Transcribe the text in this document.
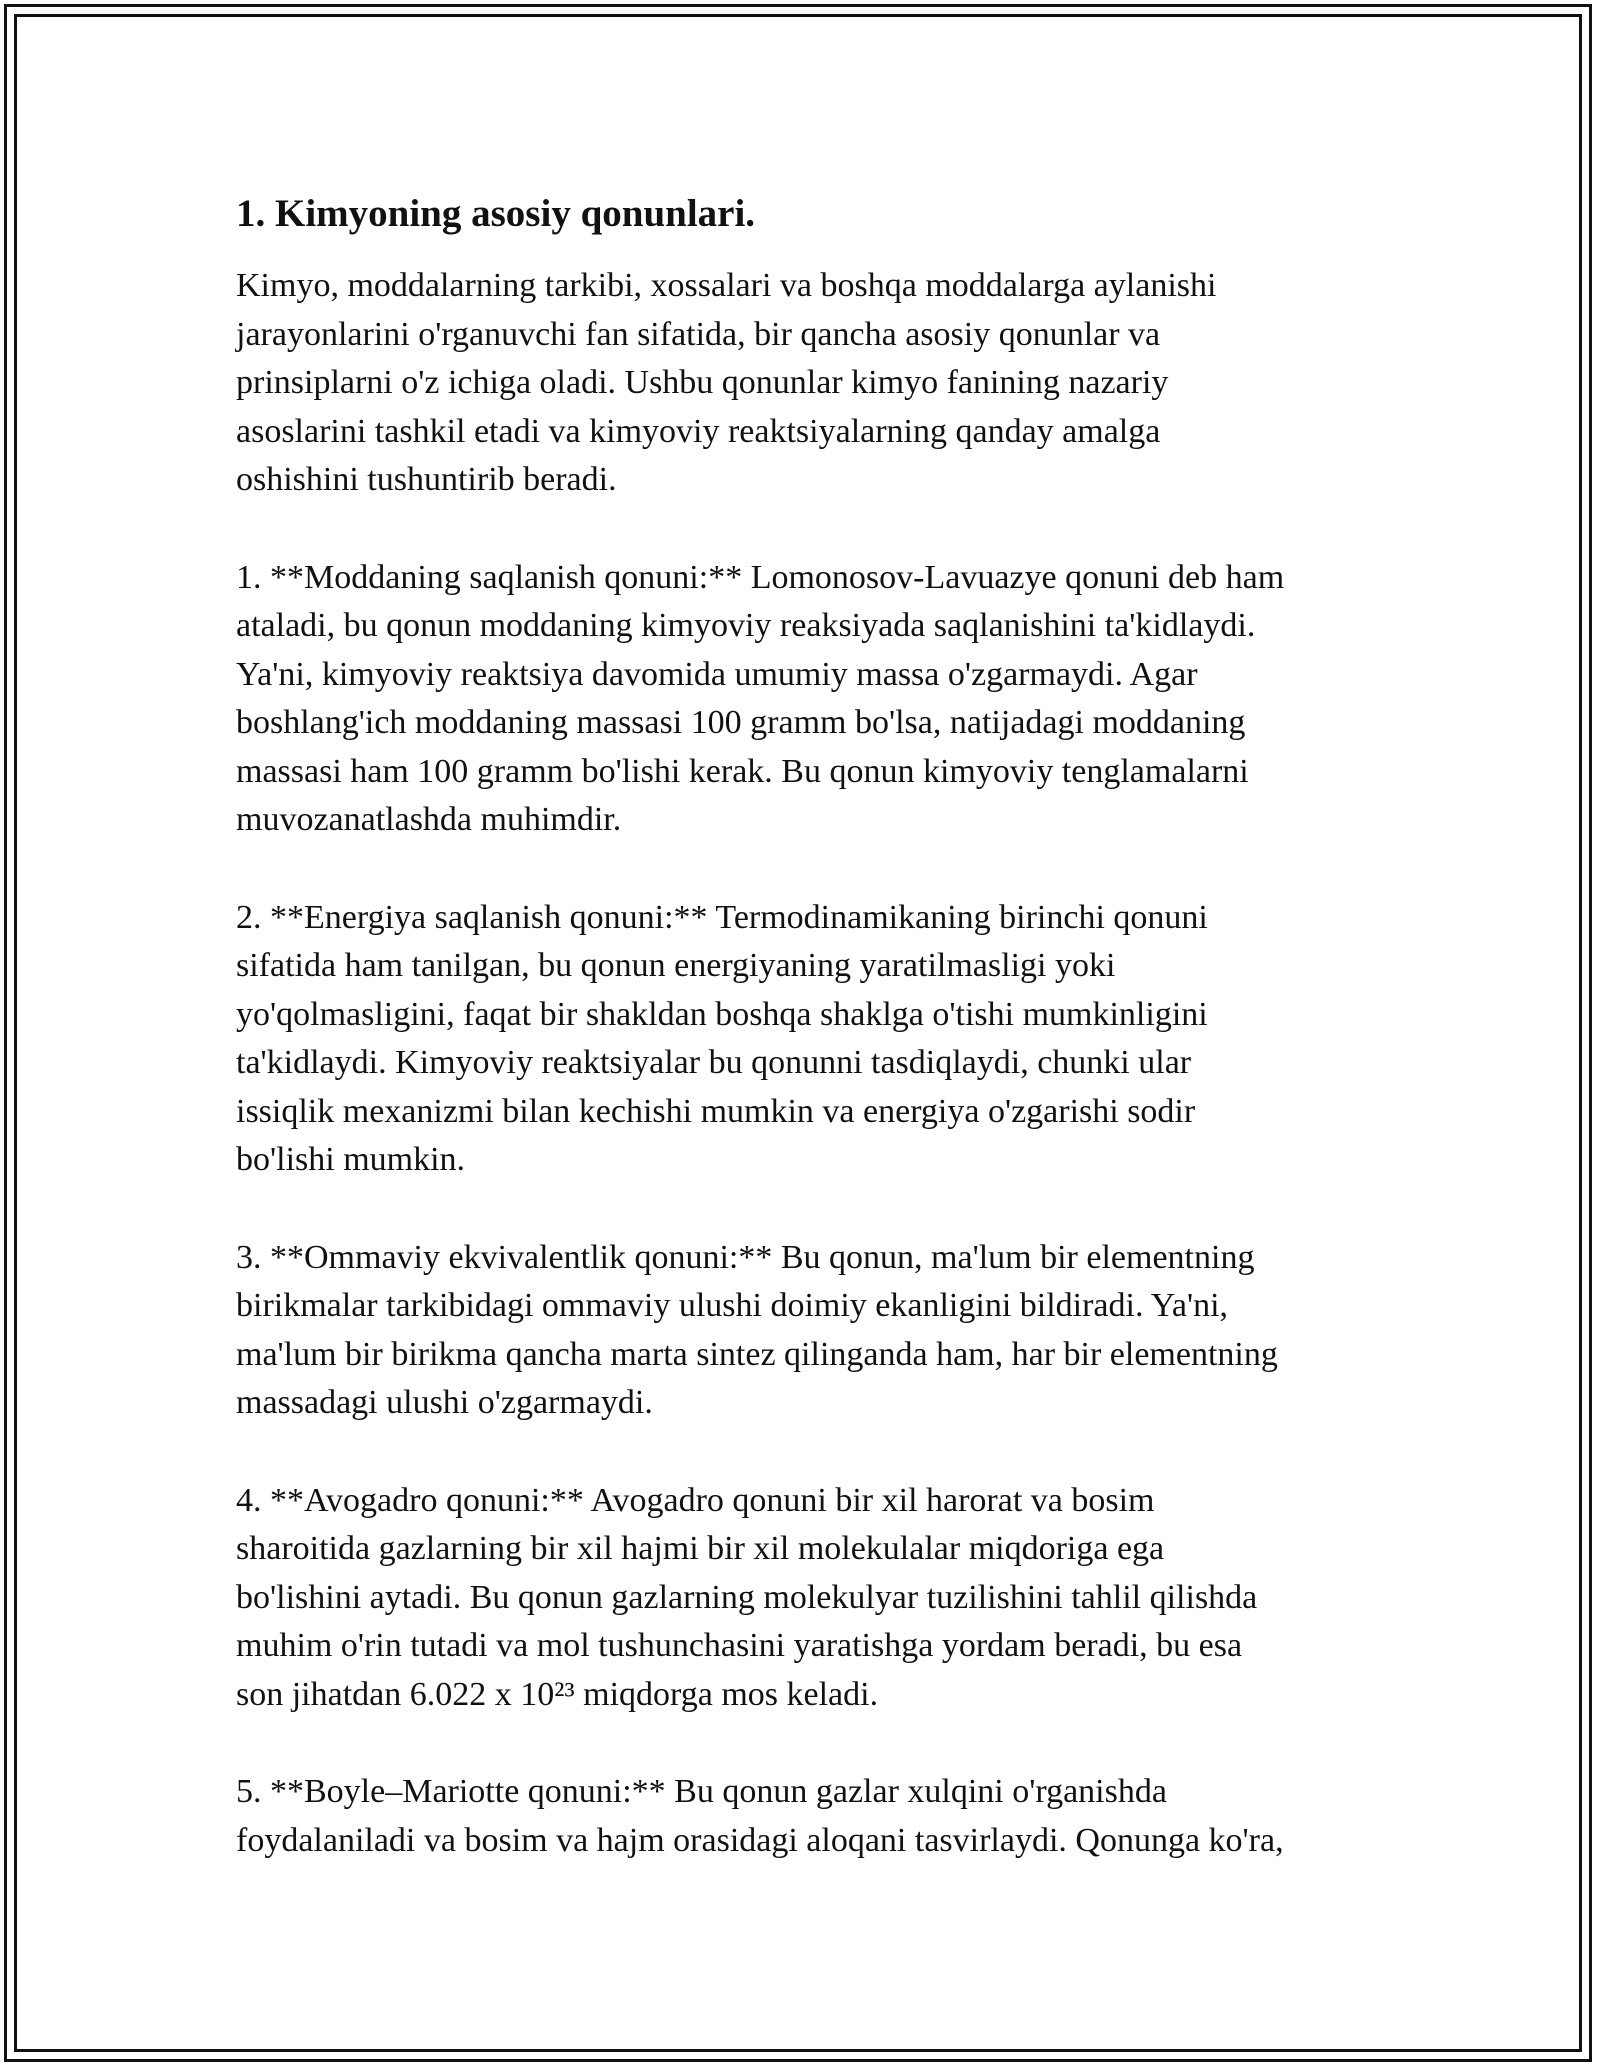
1. Kimyoning asosiy qonunlari.

Kimyo, moddalarning tarkibi, xossalari va boshqa moddalarga aylanishi
jarayonlarini o'rganuvchi fan sifatida, bir qancha asosiy qonunlar va
prinsiplarni o'z ichiga oladi. Ushbu qonunlar kimyo fanining nazariy
asoslarini tashkil etadi va kimyoviy reaktsiyalarning qanday amalga
oshishini tushuntirib beradi.

1. **Moddaning saqlanish qonuni:** Lomonosov-Lavuazye qonuni deb ham
ataladi, bu qonun moddaning kimyoviy reaksiyada saqlanishini ta'kidlaydi.
Ya'ni, kimyoviy reaktsiya davomida umumiy massa o'zgarmaydi. Agar
boshlang'ich moddaning massasi 100 gramm bo'lsa, natijadagi moddaning
massasi ham 100 gramm bo'lishi kerak. Bu qonun kimyoviy tenglamalarni
muvozanatlashda muhimdir.

2. **Energiya saqlanish qonuni:** Termodinamikaning birinchi qonuni
sifatida ham tanilgan, bu qonun energiyaning yaratilmasligi yoki
yo'qolmasligini, faqat bir shakldan boshqa shaklga o'tishi mumkinligini
ta'kidlaydi. Kimyoviy reaktsiyalar bu qonunni tasdiqlaydi, chunki ular
issiqlik mexanizmi bilan kechishi mumkin va energiya o'zgarishi sodir
bo'lishi mumkin.

3. **Ommaviy ekvivalentlik qonuni:** Bu qonun, ma'lum bir elementning
birikmalar tarkibidagi ommaviy ulushi doimiy ekanligini bildiradi. Ya'ni,
ma'lum bir birikma qancha marta sintez qilinganda ham, har bir elementning
massadagi ulushi o'zgarmaydi.

4. **Avogadro qonuni:** Avogadro qonuni bir xil harorat va bosim
sharoitida gazlarning bir xil hajmi bir xil molekulalar miqdoriga ega
bo'lishini aytadi. Bu qonun gazlarning molekulyar tuzilishini tahlil qilishda
muhim o'rin tutadi va mol tushunchasini yaratishga yordam beradi, bu esa
son jihatdan 6.022 x 10²³ miqdorga mos keladi.

5. **Boyle–Mariotte qonuni:** Bu qonun gazlar xulqini o'rganishda
foydalaniladi va bosim va hajm orasidagi aloqani tasvirlaydi. Qonunga ko'ra,
